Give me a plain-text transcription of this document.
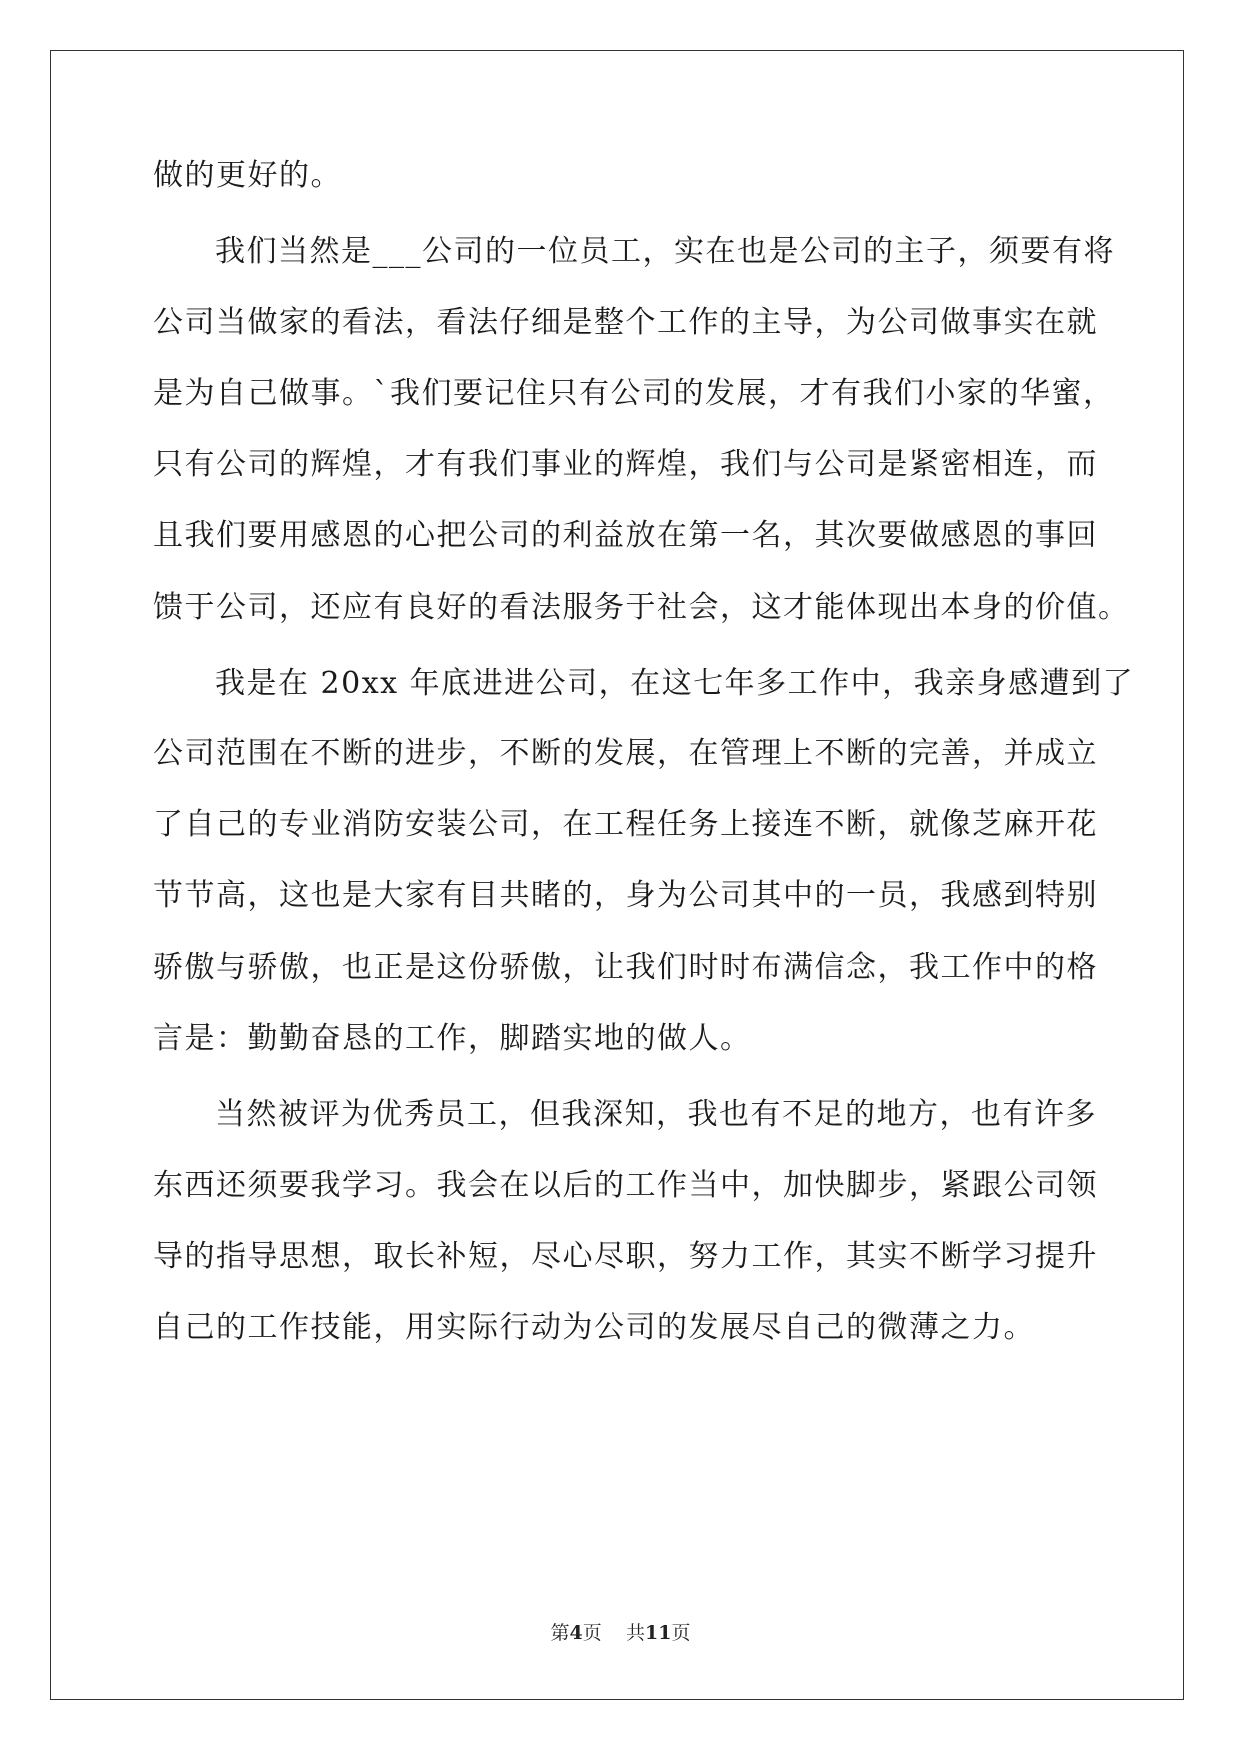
做的更好的。
我们当然是___公司的一位员工，实在也是公司的主子，须要有将
公司当做家的看法，看法仔细是整个工作的主导，为公司做事实在就
是为自己做事。`我们要记住只有公司的发展，才有我们小家的华蜜，
只有公司的辉煌，才有我们事业的辉煌，我们与公司是紧密相连，而
且我们要用感恩的心把公司的利益放在第一名，其次要做感恩的事回
馈于公司，还应有良好的看法服务于社会，这才能体现出本身的价值。
我是在 20xx 年底进进公司，在这七年多工作中，我亲身感遭到了
公司范围在不断的进步，不断的发展，在管理上不断的完善，并成立
了自己的专业消防安装公司，在工程任务上接连不断，就像芝麻开花
节节高，这也是大家有目共睹的，身为公司其中的一员，我感到特别
骄傲与骄傲，也正是这份骄傲，让我们时时布满信念，我工作中的格
言是：勤勤奋恳的工作，脚踏实地的做人。
当然被评为优秀员工，但我深知，我也有不足的地方，也有许多
东西还须要我学习。我会在以后的工作当中，加快脚步，紧跟公司领
导的指导思想，取长补短，尽心尽职，努力工作，其实不断学习提升
自己的工作技能，用实际行动为公司的发展尽自己的微薄之力。
第4页 共11页
